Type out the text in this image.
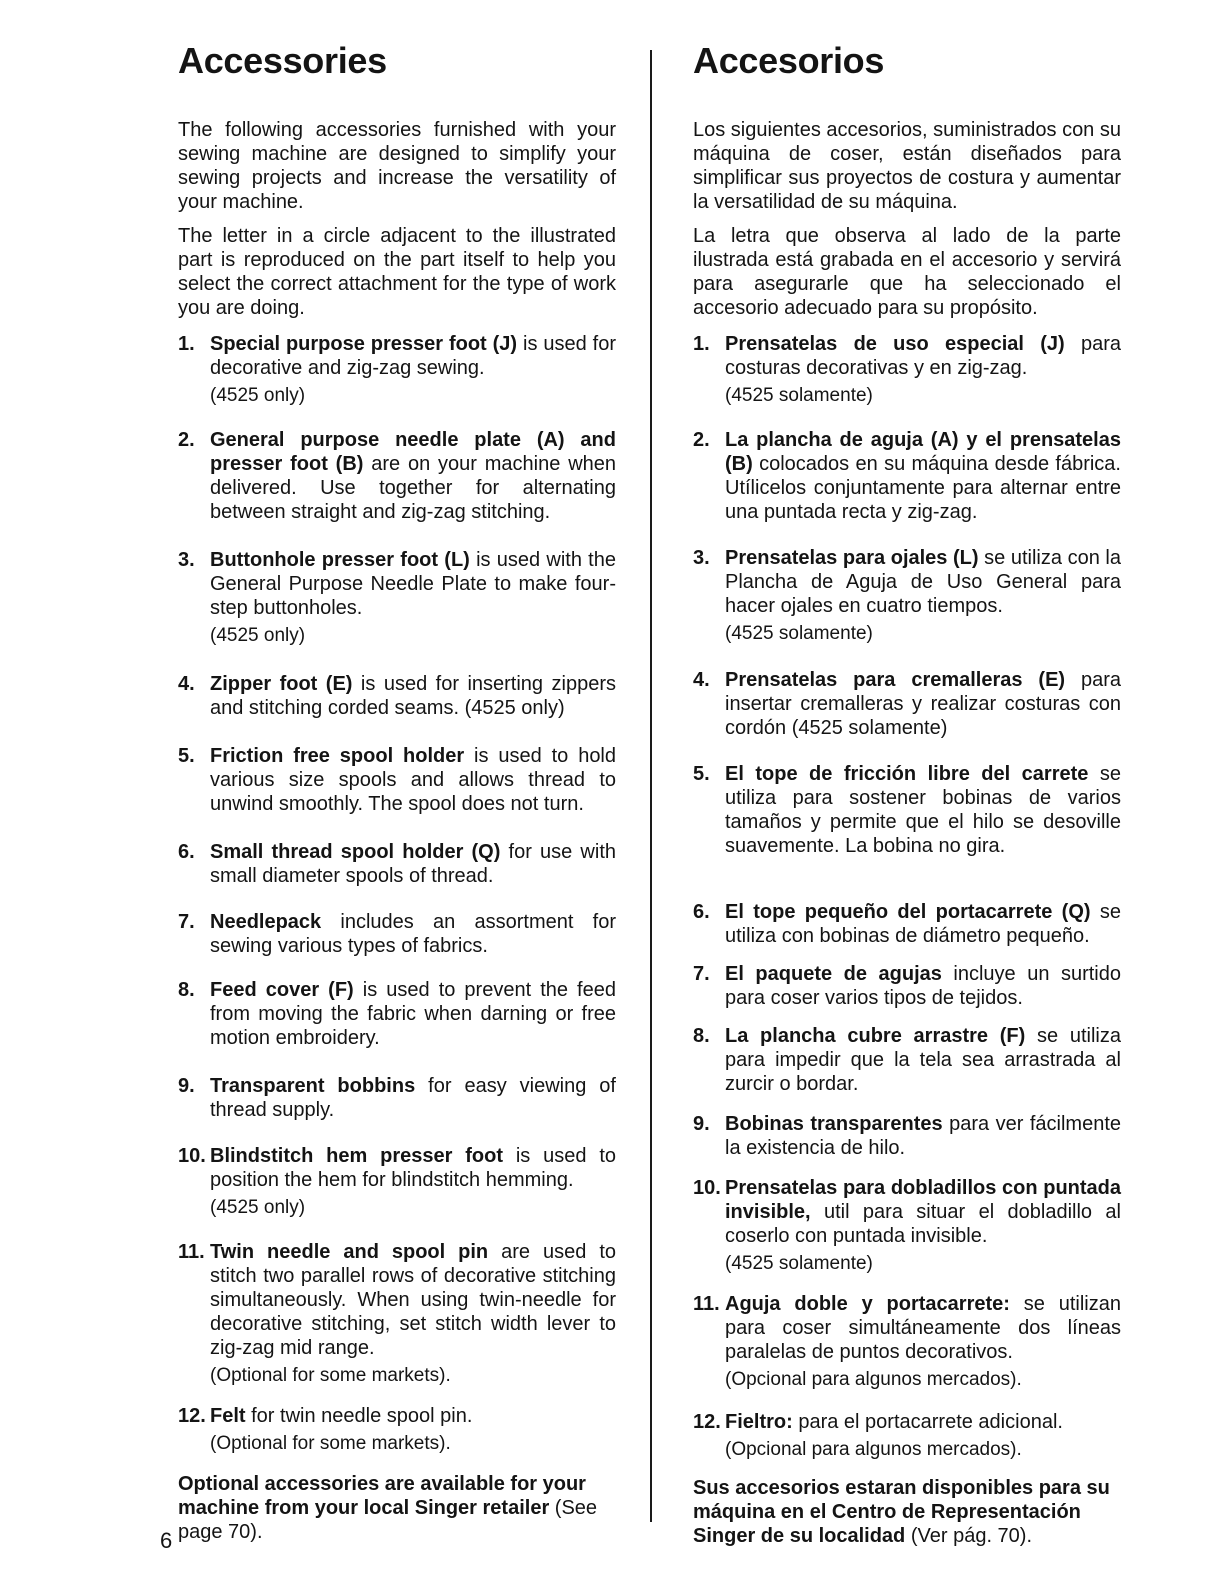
Accessories

The following accessories furnished with your sewing machine are designed to simplify your sewing projects and increase the versatility of your machine.

The letter in a circle adjacent to the illustrated part is reproduced on the part itself to help you select the correct attachment for the type of work you are doing.

1. Special purpose presser foot (J) is used for decorative and zig-zag sewing.
(4525 only)
2. General purpose needle plate (A) and presser foot (B) are on your machine when delivered. Use together for alternating between straight and zig-zag stitching.
3. Buttonhole presser foot (L) is used with the General Purpose Needle Plate to make four-step buttonholes.
(4525 only)
4. Zipper foot (E) is used for inserting zippers and stitching corded seams. (4525 only)
5. Friction free spool holder is used to hold various size spools and allows thread to unwind smoothly. The spool does not turn.
6. Small thread spool holder (Q) for use with small diameter spools of thread.
7. Needlepack includes an assortment for sewing various types of fabrics.
8. Feed cover (F) is used to prevent the feed from moving the fabric when darning or free motion embroidery.
9. Transparent bobbins for easy viewing of thread supply.
10. Blindstitch hem presser foot is used to position the hem for blindstitch hemming.
(4525 only)
11. Twin needle and spool pin are used to stitch two parallel rows of decorative stitching simultaneously. When using twin-needle for decorative stitching, set stitch width lever to zig-zag mid range.
(Optional for some markets).
12. Felt for twin needle spool pin.
(Optional for some markets).

Optional accessories are available for your machine from your local Singer retailer (See page 70).

Accesorios

Los siguientes accesorios, suministrados con su máquina de coser, están diseñados para simplificar sus proyectos de costura y aumentar la versatilidad de su máquina.

La letra que observa al lado de la parte ilustrada está grabada en el accesorio y servirá para asegurarle que ha seleccionado el accesorio adecuado para su propósito.

1. Prensatelas de uso especial (J) para costuras decorativas y en zig-zag.
(4525 solamente)
2. La plancha de aguja (A) y el prensatelas (B) colocados en su máquina desde fábrica. Utílicelos conjuntamente para alternar entre una puntada recta y zig-zag.
3. Prensatelas para ojales (L) se utiliza con la Plancha de Aguja de Uso General para hacer ojales en cuatro tiempos.
(4525 solamente)
4. Prensatelas para cremalleras (E) para insertar cremalleras y realizar costuras con cordón (4525 solamente)
5. El tope de fricción libre del carrete se utiliza para sostener bobinas de varios tamaños y permite que el hilo se desoville suavemente. La bobina no gira.
6. El tope pequeño del portacarrete (Q) se utiliza con bobinas de diámetro pequeño.
7. El paquete de agujas incluye un surtido para coser varios tipos de tejidos.
8. La plancha cubre arrastre (F) se utiliza para impedir que la tela sea arrastrada al zurcir o bordar.
9. Bobinas transparentes para ver fácilmente la existencia de hilo.
10. Prensatelas para dobladillos con puntada invisible, util para situar el dobladillo al coserlo con puntada invisible.
(4525 solamente)
11. Aguja doble y portacarrete: se utilizan para coser simultáneamente dos líneas paralelas de puntos decorativos.
(Opcional para algunos mercados).
12. Fieltro: para el portacarrete adicional.
(Opcional para algunos mercados).

Sus accesorios estaran disponibles para su máquina en el Centro de Representación Singer de su localidad (Ver pág. 70).

6
